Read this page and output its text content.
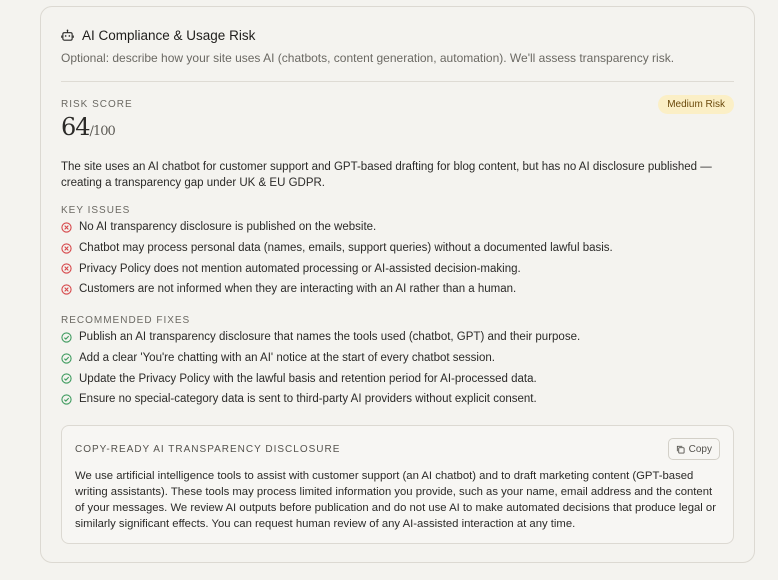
AI Compliance & Usage Risk
Optional: describe how your site uses AI (chatbots, content generation, automation). We'll assess transparency risk.
RISK SCORE	Medium Risk
64/100
The site uses an AI chatbot for customer support and GPT-based drafting for blog content, but has no AI disclosure published — creating a transparency gap under UK & EU GDPR.
KEY ISSUES
No AI transparency disclosure is published on the website.
Chatbot may process personal data (names, emails, support queries) without a documented lawful basis.
Privacy Policy does not mention automated processing or AI-assisted decision-making.
Customers are not informed when they are interacting with an AI rather than a human.
RECOMMENDED FIXES
Publish an AI transparency disclosure that names the tools used (chatbot, GPT) and their purpose.
Add a clear 'You're chatting with an AI' notice at the start of every chatbot session.
Update the Privacy Policy with the lawful basis and retention period for AI-processed data.
Ensure no special-category data is sent to third-party AI providers without explicit consent.
COPY-READY AI TRANSPARENCY DISCLOSURE	Copy
We use artificial intelligence tools to assist with customer support (an AI chatbot) and to draft marketing content (GPT-based writing assistants). These tools may process limited information you provide, such as your name, email address and the content of your messages. We review AI outputs before publication and do not use AI to make automated decisions that produce legal or similarly significant effects. You can request human review of any AI-assisted interaction at any time.
